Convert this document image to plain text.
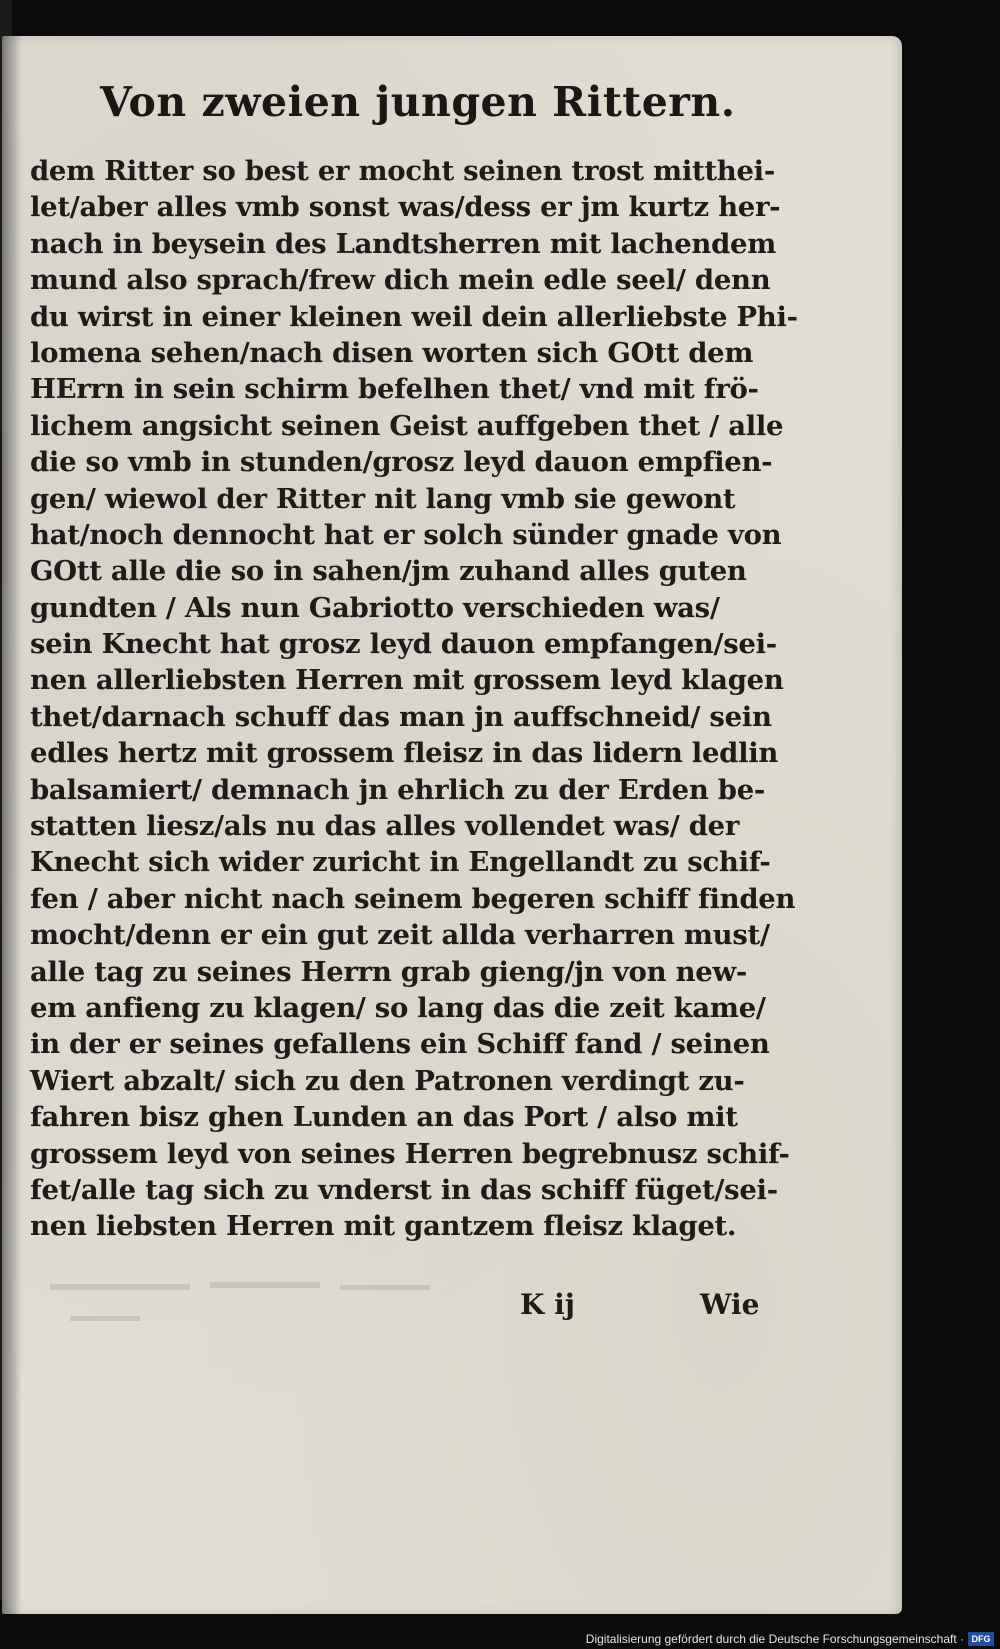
Von zweien jungen Rittern.
dem Ritter so best er mocht seinen trost mitthei-
let/aber alles vmb sonst was/dess er jm kurtz her-
nach in beysein des Landtsherren mit lachendem
mund also sprach/frew dich mein edle seel/ denn
du wirst in einer kleinen weil dein allerliebste Phi-
lomena sehen/nach disen worten sich GOtt dem
HErrn in sein schirm befelhen thet/ vnd mit frö-
lichem angsicht seinen Geist auffgeben thet / alle
die so vmb in stunden/grosz leyd dauon empfien-
gen/ wiewol der Ritter nit lang vmb sie gewont
hat/noch dennocht hat er solch sünder gnade von
GOtt alle die so in sahen/jm zuhand alles guten
gundten / Als nun Gabriotto verschieden was/
sein Knecht hat grosz leyd dauon empfangen/sei-
nen allerliebsten Herren mit grossem leyd klagen
thet/darnach schuff das man jn auffschneid/ sein
edles hertz mit grossem fleisz in das lidern ledlin
balsamiert/ demnach jn ehrlich zu der Erden be-
statten liesz/als nu das alles vollendet was/ der
Knecht sich wider zuricht in Engellandt zu schif-
fen / aber nicht nach seinem begeren schiff finden
mocht/denn er ein gut zeit allda verharren must/
alle tag zu seines Herrn grab gieng/jn von new-
em anfieng zu klagen/ so lang das die zeit kame/
in der er seines gefallens ein Schiff fand / seinen
Wiert abzalt/ sich zu den Patronen verdingt zu-
fahren bisz ghen Lunden an das Port / also mit
grossem leyd von seines Herren begrebnusz schif-
fet/alle tag sich zu vnderst in das schiff füget/sei-
nen liebsten Herren mit gantzem fleisz klaget.
K ij	Wie
Digitalisierung gefördert durch die Deutsche Forschungsgemeinschaft · DFG
